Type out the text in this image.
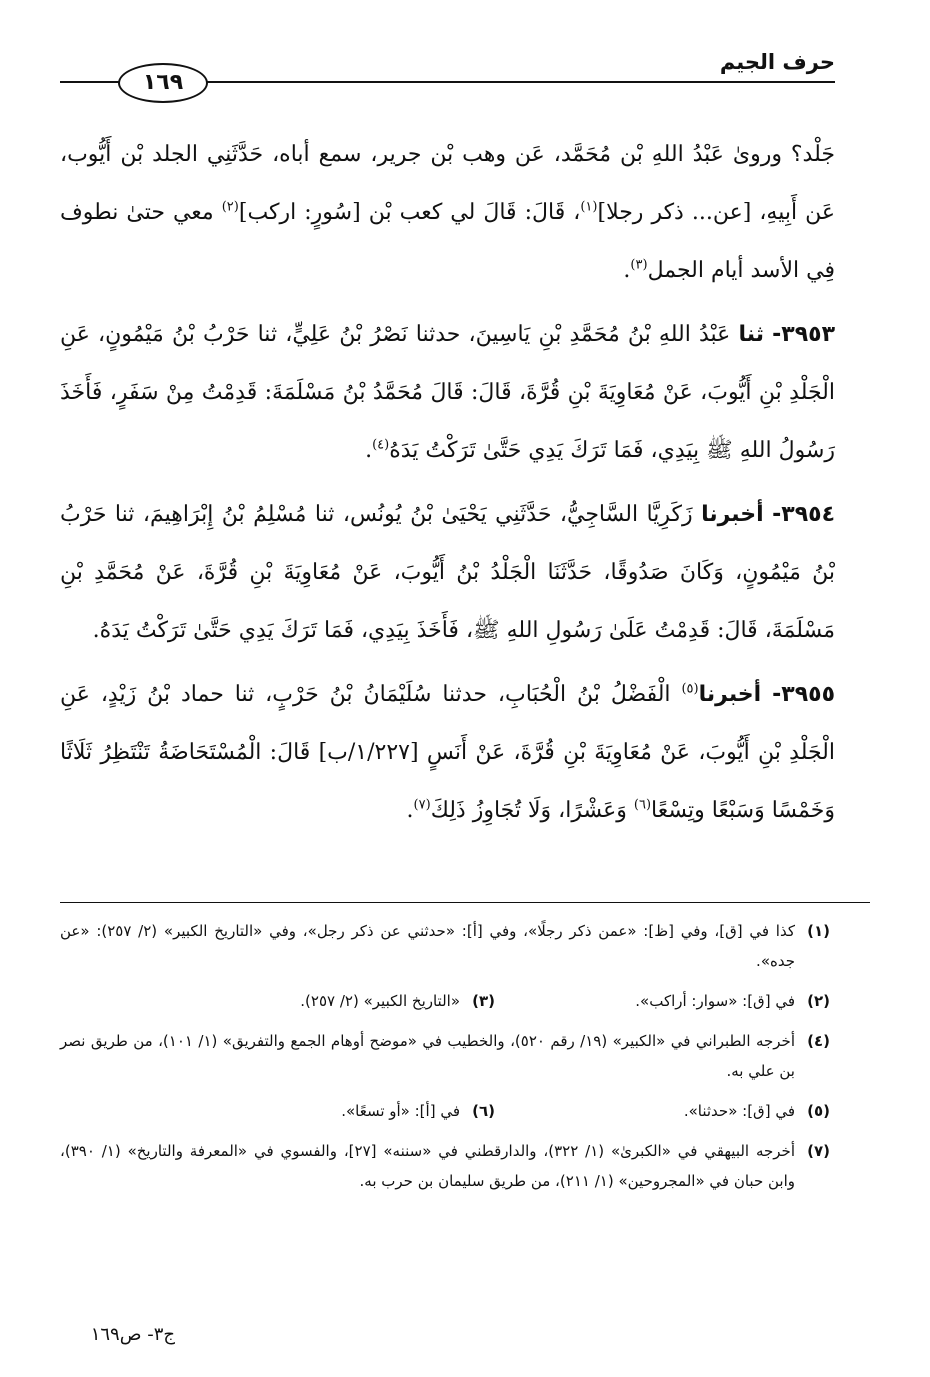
حرف الجيم
١٦٩

جَلْد؟ وروىٰ عَبْدُ اللهِ بْن مُحَمَّد، عَن وهب بْن جرير، سمع أباه، حَدَّثَنِي الجلد بْن أَيُّوب، عَن أَبِيهِ، [عن... ذكر رجلا]$^{(١)}$، قَالَ: قَالَ لي كعب بْن [سُورٍ: اركب]$^{(٢)}$ معي حتىٰ نطوف فِي الأسد أيام الجمل$^{(٣)}$.

٣٩٥٣- ثنا عَبْدُ اللهِ بْنُ مُحَمَّدِ بْنِ يَاسِينَ، حدثنا نَصْرُ بْنُ عَلِيٍّ، ثنا حَرْبُ بْنُ مَيْمُونٍ، عَنِ الْجَلْدِ بْنِ أَيُّوبَ، عَنْ مُعَاوِيَةَ بْنِ قُرَّةَ، قَالَ: قَالَ مُحَمَّدُ بْنُ مَسْلَمَةَ: قَدِمْتُ مِنْ سَفَرٍ، فَأَخَذَ رَسُولُ اللهِ ﷺ بِيَدِي، فَمَا تَرَكَ يَدِي حَتَّىٰ تَرَكْتُ يَدَهُ$^{(٤)}$.

٣٩٥٤- أخبرنا زَكَرِيَّا السَّاجِيُّ، حَدَّثَنِي يَحْيَىٰ بْنُ يُونُس، ثنا مُسْلِمُ بْنُ إِبْرَاهِيمَ، ثنا حَرْبُ بْنُ مَيْمُونٍ، وَكَانَ صَدُوقًا، حَدَّثَنَا الْجَلْدُ بْنُ أَيُّوبَ، عَنْ مُعَاوِيَةَ بْنِ قُرَّةَ، عَنْ مُحَمَّدِ بْنِ مَسْلَمَةَ، قَالَ: قَدِمْتُ عَلَىٰ رَسُولِ اللهِ ﷺ، فَأَخَذَ بِيَدِي، فَمَا تَرَكَ يَدِي حَتَّىٰ تَرَكْتُ يَدَهُ.

٣٩٥٥- أخبرنا$^{(٥)}$ الْفَضْلُ بْنُ الْحُبَابِ، حدثنا سُلَيْمَانُ بْنُ حَرْبٍ، ثنا حماد بْنُ زَيْدٍ، عَنِ الْجَلْدِ بْنِ أَيُّوبَ، عَنْ مُعَاوِيَةَ بْنِ قُرَّةَ، عَنْ أَنَسٍ [١/٢٢٧/ب] قَالَ: الْمُسْتَحَاضَةُ تَنْتَظِرُ ثَلَاثًا وَخَمْسًا وَسَبْعًا وتِسْعًا$^{(٦)}$ وَعَشْرًا، وَلَا تُجَاوِزُ ذَلِكَ$^{(٧)}$.

(١)
كذا في [ق]، وفي [ظ]: «عمن ذكر رجلًا»، وفي [أ]: «حدثني عن ذكر رجل»، وفي «التاريخ الكبير» (٢/ ٢٥٧): «عن جده».
(٢)
في [ق]: «سوار: أراكب».
(٣)
«التاريخ الكبير» (٢/ ٢٥٧).
(٤)
أخرجه الطبراني في «الكبير» (١٩/ رقم ٥٢٠)، والخطيب في «موضح أوهام الجمع والتفريق» (١/ ١٠١)، من طريق نصر بن علي به.
(٥)
في [ق]: «حدثنا».
(٦)
في [أ]: «أو تسعًا».
(٧)
أخرجه البيهقي في «الكبرىٰ» (١/ ٣٢٢)، والدارقطني في «سننه» [٢٧]، والفسوي في «المعرفة والتاريخ» (١/ ٣٩٠)، وابن حبان في «المجروحين» (١/ ٢١١)، من طريق سليمان بن حرب به.
ج٣- ص١٦٩
